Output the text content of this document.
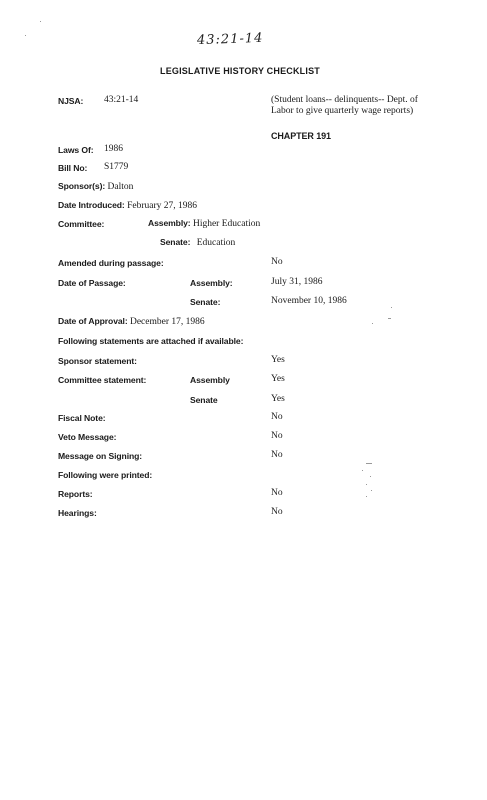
43:21-14
LEGISLATIVE HISTORY CHECKLIST
NJSA: 43:21-14	(Student loans-- delinquents-- Dept. of Labor to give quarterly wage reports)
CHAPTER 191
Laws Of: 1986
Bill No: S1779
Sponsor(s): Dalton
Date Introduced: February 27, 1986
Committee:	Assembly: Higher Education
Senate: Education
Amended during passage:	No
Date of Passage:	Assembly:	July 31, 1986
Senate:	November 10, 1986
Date of Approval: December 17, 1986
Following statements are attached if available:
Sponsor statement:	Yes
Committee statement:	Assembly	Yes
Senate	Yes
Fiscal Note:	No
Veto Message:	No
Message on Signing:	No
Following were printed:
Reports:	No
Hearings:	No
